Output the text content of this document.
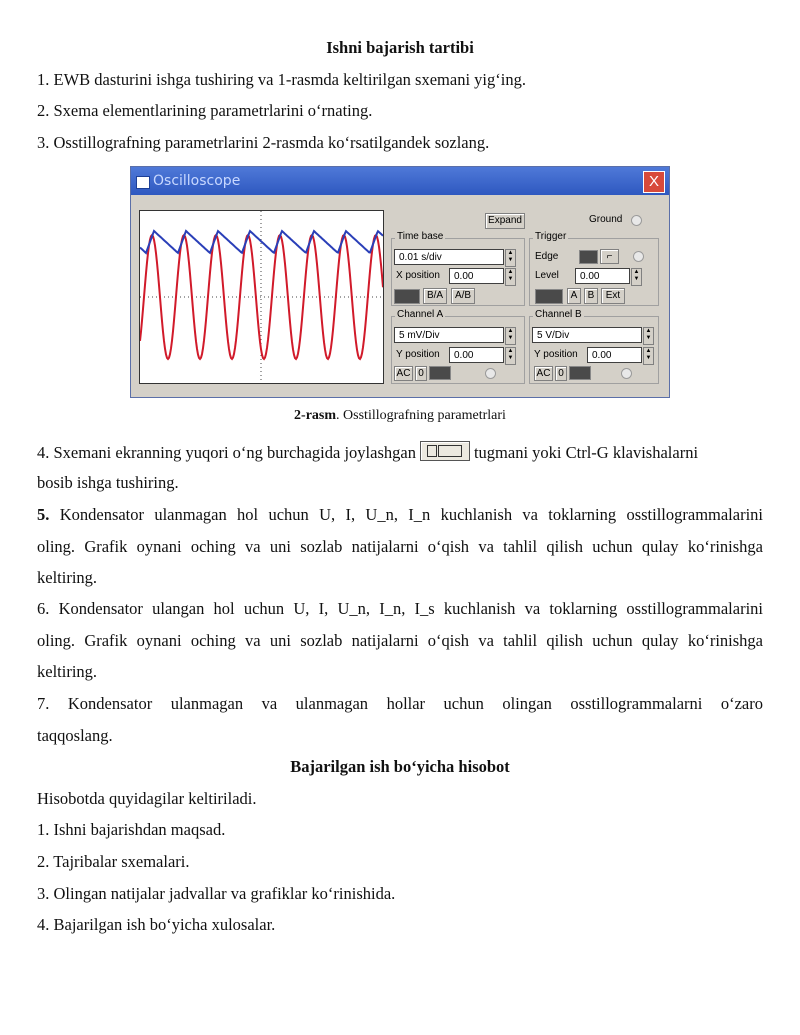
Ishni bajarish tartibi
1. EWB dasturini ishga tushiring va 1-rasmda keltirilgan sxemani yig‘ing.
2. Sxema elementlarining parametrlarini o‘rnating.
3. Osstillografning parametrlarini 2-rasmda ko‘rsatilgandek sozlang.
Oscilloscope	X
Expand	Ground
Time base
0.01 s/div	▲
▼
X position	0.00	▲
▼
B/A	A/B
Trigger
Edge	⌐
Level	0.00	▲
▼
A	B	Ext
Channel A
5 mV/Div	▲
▼
Y position	0.00	▲
▼
AC 0
Channel B
5 V/Div	▲
▼
Y position	0.00	▲
▼
AC 0
2-rasm. Osstillografning parametrlari
4. Sxemani ekranning yuqori o‘ng burchagida joylashgan	tugmani yoki Ctrl-G klavishalarni
bosib ishga tushiring.
5. Kondensator ulanmagan hol uchun U, I, U_n, I_n kuchlanish va toklarning osstillogrammalarini
oling. Grafik oynani oching va uni sozlab natijalarni o‘qish va tahlil qilish uchun qulay ko‘rinishga
keltiring.
6. Kondensator ulangan hol uchun U, I, U_n, I_n, I_s kuchlanish va toklarning osstillogrammalarini
oling. Grafik oynani oching va uni sozlab natijalarni o‘qish va tahlil qilish uchun qulay ko‘rinishga
keltiring.
7. Kondensator ulanmagan va ulanmagan hollar uchun olingan osstillogrammalarni o‘zaro
taqqoslang.
Bajarilgan ish bo‘yicha hisobot
Hisobotda quyidagilar keltiriladi.
1. Ishni bajarishdan maqsad.
2. Tajribalar sxemalari.
3. Olingan natijalar jadvallar va grafiklar ko‘rinishida.
4. Bajarilgan ish bo‘yicha xulosalar.
